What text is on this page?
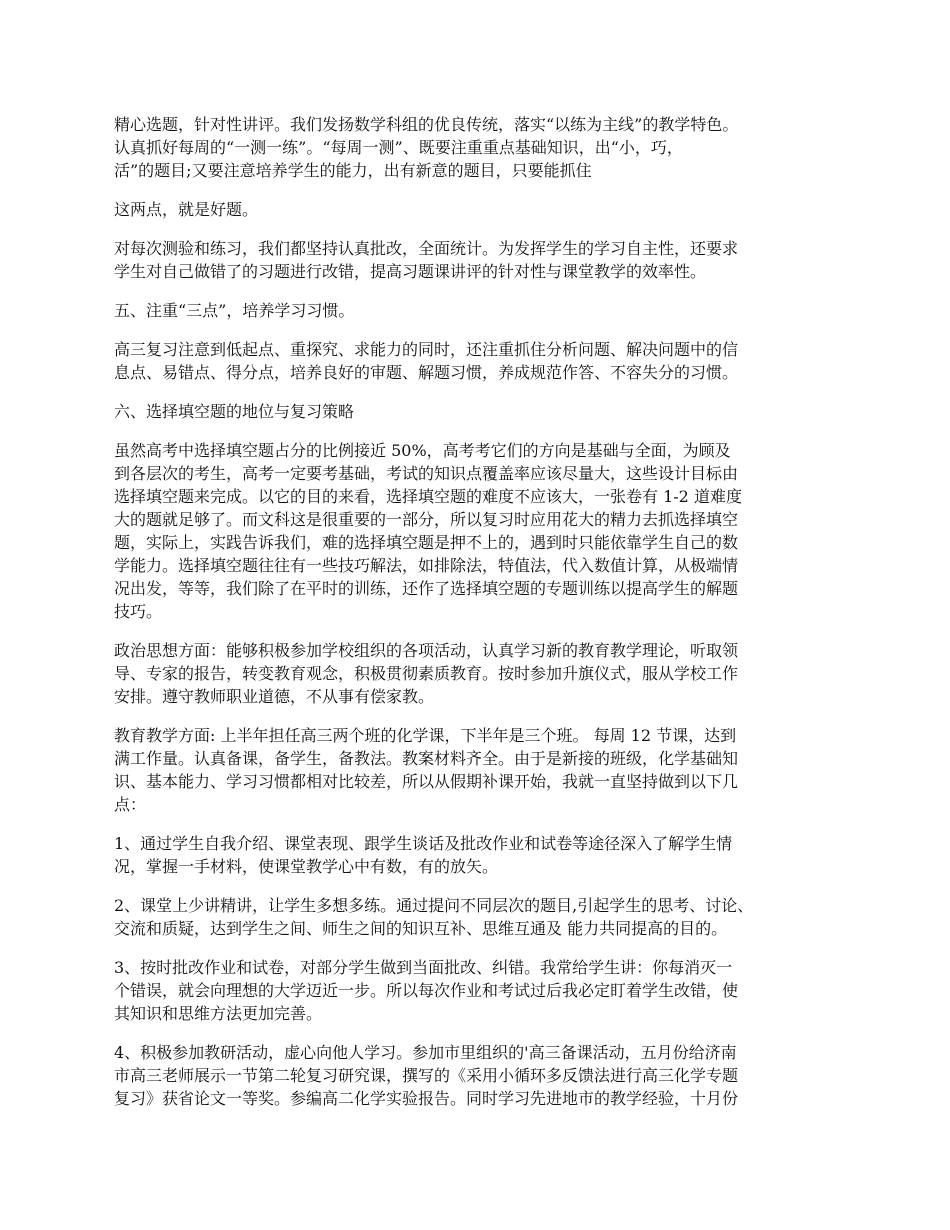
精心选题，针对性讲评。我们发扬数学科组的优良传统，落实“以练为主线”的教学特色。
认真抓好每周的“一测一练”。“每周一测”、既要注重重点基础知识，出“小，巧，
活”的题目;又要注意培养学生的能力，出有新意的题目，只要能抓住

这两点，就是好题。

对每次测验和练习，我们都坚持认真批改，全面统计。为发挥学生的学习自主性，还要求
学生对自己做错了的习题进行改错，提高习题课讲评的针对性与课堂教学的效率性。

五、注重“三点”，培养学习习惯。

高三复习注意到低起点、重探究、求能力的同时，还注重抓住分析问题、解决问题中的信
息点、易错点、得分点，培养良好的审题、解题习惯，养成规范作答、不容失分的习惯。

六、选择填空题的地位与复习策略

虽然高考中选择填空题占分的比例接近 50%，高考考它们的方向是基础与全面，为顾及
到各层次的考生，高考一定要考基础，考试的知识点覆盖率应该尽量大，这些设计目标由
选择填空题来完成。以它的目的来看，选择填空题的难度不应该大，一张卷有 1-2 道难度
大的题就足够了。而文科这是很重要的一部分，所以复习时应用花大的精力去抓选择填空
题，实际上，实践告诉我们，难的选择填空题是押不上的，遇到时只能依靠学生自己的数
学能力。选择填空题往往有一些技巧解法，如排除法，特值法，代入数值计算，从极端情
况出发，等等，我们除了在平时的训练，还作了选择填空题的专题训练以提高学生的解题
技巧。

政治思想方面：能够积极参加学校组织的各项活动，认真学习新的教育教学理论，听取领
导、专家的报告，转变教育观念，积极贯彻素质教育。按时参加升旗仪式，服从学校工作
安排。遵守教师职业道德，不从事有偿家教。

教育教学方面: 上半年担任高三两个班的化学课，下半年是三个班。 每周 12 节课，达到
满工作量。认真备课，备学生，备教法。教案材料齐全。由于是新接的班级，化学基础知
识、基本能力、学习习惯都相对比较差，所以从假期补课开始，我就一直坚持做到以下几
点：

1、通过学生自我介绍、课堂表现、跟学生谈话及批改作业和试卷等途径深入了解学生情
况，掌握一手材料，使课堂教学心中有数，有的放矢。

2、课堂上少讲精讲，让学生多想多练。通过提问不同层次的题目,引起学生的思考、讨论、
交流和质疑，达到学生之间、师生之间的知识互补、思维互通及 能力共同提高的目的。

3、按时批改作业和试卷，对部分学生做到当面批改、纠错。我常给学生讲：你每消灭一
个错误，就会向理想的大学迈近一步。所以每次作业和考试过后我必定盯着学生改错，使
其知识和思维方法更加完善。

4、积极参加教研活动，虚心向他人学习。参加市里组织的'高三备课活动，五月份给济南
市高三老师展示一节第二轮复习研究课，撰写的《采用小循环多反馈法进行高三化学专题
复习》获省论文一等奖。参编高二化学实验报告。同时学习先进地市的教学经验，十月份
